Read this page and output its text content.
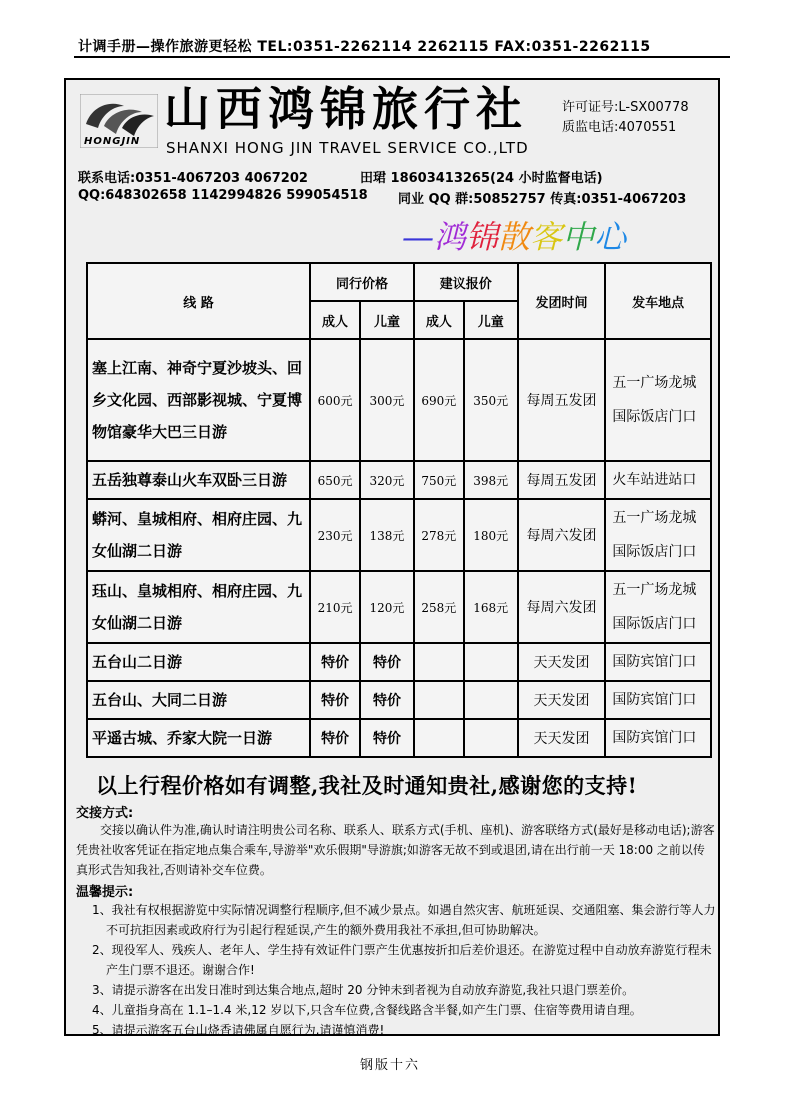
计调手册—操作旅游更轻松 TEL:0351-2262114 2262115 FAX:0351-2262115
HONGJIN
山西鸿锦旅行社
SHANXI HONG JIN TRAVEL SERVICE CO.,LTD
许可证号:L-SX00778
质监电话:4070551
联系电话:0351-4067203 4067202	田珺 18603413265(24 小时监督电话)
QQ:648302658 1142994826 599054518 同业 QQ 群:50852757 传真:0351-4067203
—鸿锦散客中心
线 路	同行价格		建议报价		发团时间	发车地点
	成人	儿童	成人	儿童		
塞上江南、神奇宁夏沙坡头、回乡文化园、西部影视城、宁夏博物馆豪华大巴三日游	600元	300元	690元	350元	每周五发团	五一广场龙城国际饭店门口
五岳独尊泰山火车双卧三日游	650元	320元	750元	398元	每周五发团	火车站进站口
蟒河、皇城相府、相府庄园、九女仙湖二日游	230元	138元	278元	180元	每周六发团	五一广场龙城国际饭店门口
珏山、皇城相府、相府庄园、九女仙湖二日游	210元	120元	258元	168元	每周六发团	五一广场龙城国际饭店门口
五台山二日游	特价	特价			天天发团	国防宾馆门口
五台山、大同二日游	特价	特价			天天发团	国防宾馆门口
平遥古城、乔家大院一日游	特价	特价			天天发团	国防宾馆门口
以上行程价格如有调整,我社及时通知贵社,感谢您的支持!
交接方式:
交接以确认件为准,确认时请注明贵公司名称、联系人、联系方式(手机、座机)、游客联络方式(最好是移动电话);游客凭贵社收客凭证在指定地点集合乘车,导游举"欢乐假期"导游旗;如游客无故不到或退团,请在出行前一天 18:00 之前以传真形式告知我社,否则请补交车位费。
温馨提示:
1、我社有权根据游览中实际情况调整行程顺序,但不减少景点。如遇自然灾害、航班延误、交通阻塞、集会游行等人力不可抗拒因素或政府行为引起行程延误,产生的额外费用我社不承担,但可协助解决。
2、现役军人、残疾人、老年人、学生持有效证件门票产生优惠按折扣后差价退还。在游览过程中自动放弃游览行程未产生门票不退还。谢谢合作!
3、请提示游客在出发日准时到达集合地点,超时 20 分钟未到者视为自动放弃游览,我社只退门票差价。
4、儿童指身高在 1.1–1.4 米,12 岁以下,只含车位费,含餐线路含半餐,如产生门票、住宿等费用请自理。
5、请提示游客五台山烧香请佛属自愿行为,请谨慎消费!
钢版十六
